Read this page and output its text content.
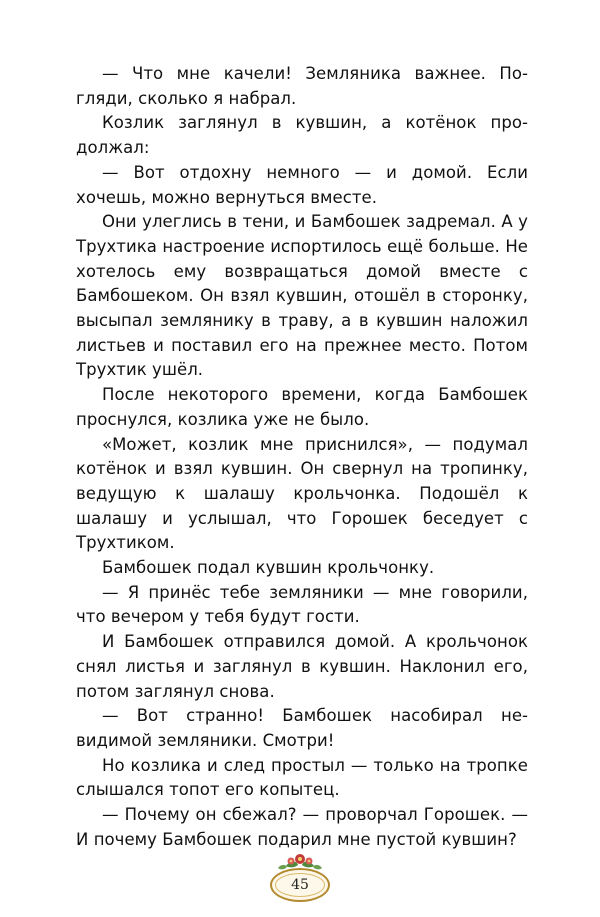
— Что мне качели! Земляника важнее. Погляди, сколько я набрал.

Козлик заглянул в кувшин, а котёнок продолжал:

— Вот отдохну немного — и домой. Если хочешь, можно вернуться вместе.

Они улеглись в тени, и Бамбошек задремал. А у Трухтика настроение испортилось ещё больше. Не хотелось ему возвращаться домой вместе с Бамбошеком. Он взял кувшин, отошёл в сторонку, высыпал землянику в траву, а в кувшин наложил листьев и поставил его на прежнее место. Потом Трухтик ушёл.

После некоторого времени, когда Бамбошек проснулся, козлика уже не было.

«Может, козлик мне приснился», — подумал котёнок и взял кувшин. Он свернул на тропинку, ведущую к шалашу крольчонка. Подошёл к шалашу и услышал, что Горошек беседует с Трухтиком.

Бамбошек подал кувшин крольчонку.

— Я принёс тебе земляники — мне говорили, что вечером у тебя будут гости.

И Бамбошек отправился домой. А крольчонок снял листья и заглянул в кувшин. Наклонил его, потом заглянул снова.

— Вот странно! Бамбошек насобирал невидимой земляники. Смотри!

Но козлика и след простыл — только на тропке слышался топот его копытец.

— Почему он сбежал? — проворчал Горошек. — И почему Бамбошек подарил мне пустой кувшин?

45
